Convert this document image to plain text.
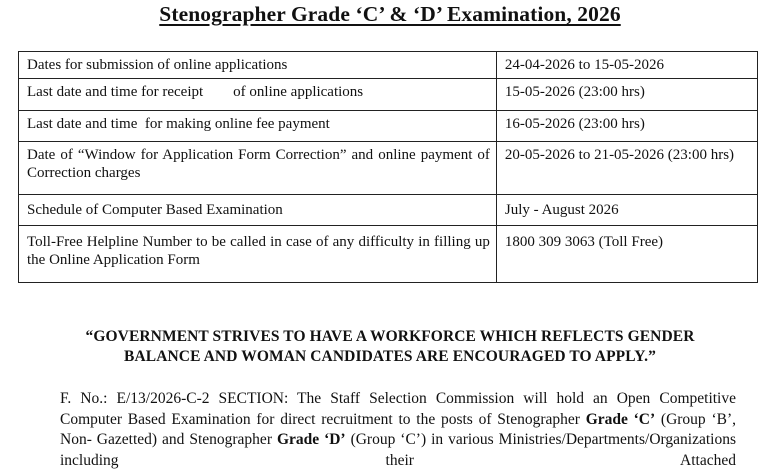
Stenographer Grade ‘C’ & ‘D’ Examination, 2026
Dates for submission of online applications	24-04-2026 to 15-05-2026
Last date and time for receipt        of online applications	15-05-2026 (23:00 hrs)
Last date and time  for making online fee payment	16-05-2026 (23:00 hrs)
Date of “Window for Application Form Correction” and online payment of Correction charges	20-05-2026 to 21-05-2026 (23:00 hrs)
Schedule of Computer Based Examination	July - August 2026
Toll-Free Helpline Number to be called in case of any difficulty in filling up the Online Application Form	1800 309 3063 (Toll Free)
“GOVERNMENT STRIVES TO HAVE A WORKFORCE WHICH REFLECTS GENDER
BALANCE AND WOMAN CANDIDATES ARE ENCOURAGED TO APPLY.”
F. No.: E/13/2026-C-2 SECTION: The Staff Selection Commission will hold an Open Competitive Computer Based Examination for direct recruitment to the posts of Stenographer Grade ‘C’ (Group ‘B’, Non- Gazetted) and Stenographer Grade ‘D’ (Group ‘C’) in various Ministries/Departments/Organizations including their Attached
